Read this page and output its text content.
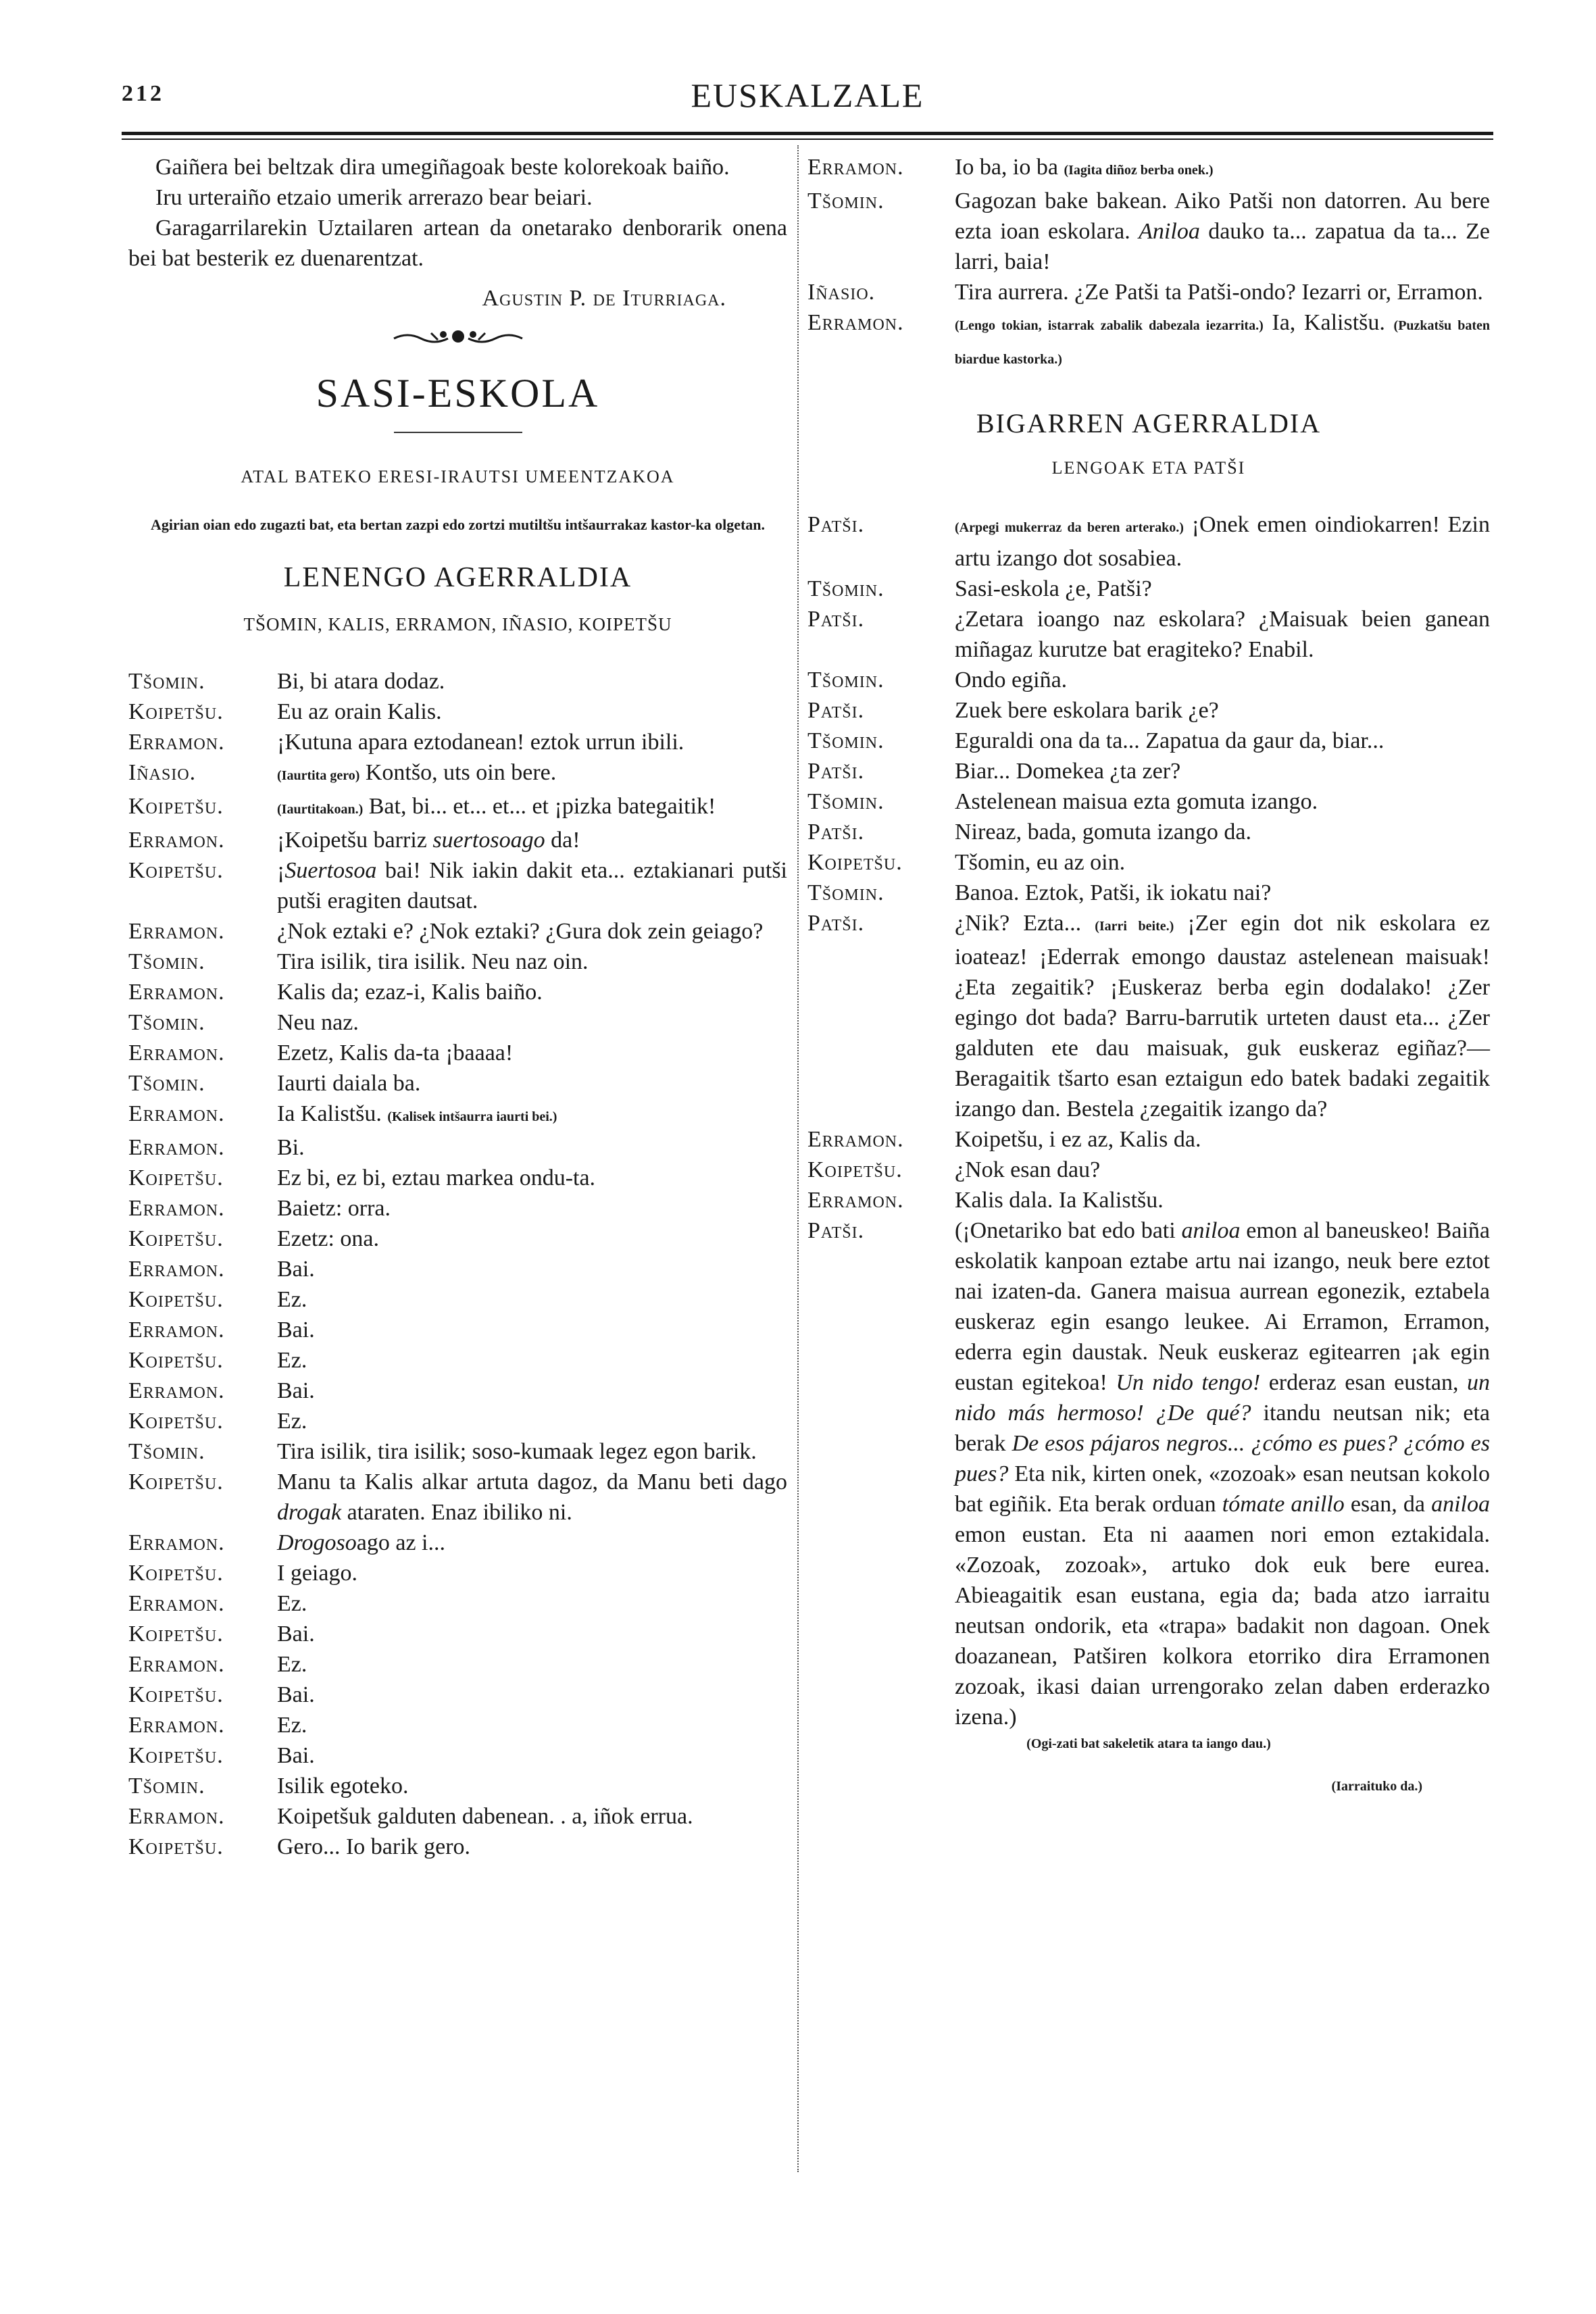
212	EUSKALZALE

Gaiñera bei beltzak dira umegiñagoak beste kolorekoak baiño.

Iru urteraiño etzaio umerik arrerazo bear beiari.

Garagarrilarekin Uztailaren artean da onetarako denborarik onena bei bat besterik ez duenarentzat.

Agustin P. de Iturriaga.
SASI-ESKOLA
ATAL BATEKO ERESI-IRAUTSI UMEENTZAKOA
Agirian oian edo zugazti bat, eta bertan zazpi edo zortzi mutiltšu intšaurrakaz kastor-ka olgetan.
LENENGO AGERRALDIA
TŠOMIN, KALIS, ERRAMON, IÑASIO, KOIPETŠU
Tšomin.	Bi, bi atara dodaz.
Koipetšu.	Eu az orain Kalis.
Erramon.	¡Kutuna apara eztodanean! eztok urrun ibili.
Iñasio.	(Iaurtita gero) Kontšo, uts oin bere.
Koipetšu.	(Iaurtitakoan.) Bat, bi... et... et... et ¡pizka bategaitik!
Erramon.	¡Koipetšu barriz suertosoago da!
Koipetšu.	¡Suertosoa bai! Nik iakin dakit eta... eztakianari putši putši eragiten dautsat.
Erramon.	¿Nok eztaki e? ¿Nok eztaki? ¿Gura dok zein geiago?
Tšomin.	Tira isilik, tira isilik. Neu naz oin.
Erramon.	Kalis da; ezaz-i, Kalis baiño.
Tšomin.	Neu naz.
Erramon.	Ezetz, Kalis da-ta ¡baaaa!
Tšomin.	Iaurti daiala ba.
Erramon.	Ia Kalistšu. (Kalisek intšaurra iaurti bei.)
Erramon.	Bi.
Koipetšu.	Ez bi, ez bi, eztau markea ondu-ta.
Erramon.	Baietz: orra.
Koipetšu.	Ezetz: ona.
Erramon.	Bai.
Koipetšu.	Ez.
Erramon.	Bai.
Koipetšu.	Ez.
Erramon.	Bai.
Koipetšu.	Ez.
Tšomin.	Tira isilik, tira isilik; soso-kumaak legez egon barik.
Koipetšu.	Manu ta Kalis alkar artuta dagoz, da Manu beti dago drogak ataraten. Enaz ibiliko ni.
Erramon.	Drogosoago az i...
Koipetšu.	I geiago.
Erramon.	Ez.
Koipetšu.	Bai.
Erramon.	Ez.
Koipetšu.	Bai.
Erramon.	Ez.
Koipetšu.	Bai.
Tšomin.	Isilik egoteko.
Erramon.	Koipetšuk galduten dabenean. . a, iñok errua.
Koipetšu.	Gero... Io barik gero.
Erramon.	Io ba, io ba (Iagita diñoz berba onek.)
Tšomin.	Gagozan bake bakean. Aiko Patši non datorren. Au bere ezta ioan eskolara. Aniloa dauko ta... zapatua da ta... Ze larri, baia!
Iñasio.	Tira aurrera. ¿Ze Patši ta Patši-ondo? Iezarri or, Erramon.
Erramon.	(Lengo tokian, istarrak zabalik dabezala iezarrita.) Ia, Kalistšu. (Puzkatšu baten biardue kastorka.)
BIGARREN AGERRALDIA
LENGOAK ETA PATŠI
Patši.	(Arpegi mukerraz da beren arterako.) ¡Onek emen oindiokarren! Ezin artu izango dot sosabiea.
Tšomin.	Sasi-eskola ¿e, Patši?
Patši.	¿Zetara ioango naz eskolara? ¿Maisuak beien ganean miñagaz kurutze bat eragiteko? Enabil.
Tšomin.	Ondo egiña.
Patši.	Zuek bere eskolara barik ¿e?
Tšomin.	Eguraldi ona da ta... Zapatua da gaur da, biar...
Patši.	Biar... Domekea ¿ta zer?
Tšomin.	Astelenean maisua ezta gomuta izango.
Patši.	Nireaz, bada, gomuta izango da.
Koipetšu.	Tšomin, eu az oin.
Tšomin.	Banoa. Eztok, Patši, ik iokatu nai?
Patši.	¿Nik? Ezta... (Iarri beite.) ¡Zer egin dot nik eskolara ez ioateaz! ¡Ederrak emongo daustaz astelenean maisuak! ¿Eta zegaitik? ¡Euskeraz berba egin dodalako! ¿Zer egingo dot bada? Barru-barrutik urteten daust eta... ¿Zer galduten ete dau maisuak, guk euskeraz egiñaz?—Beragaitik tšarto esan eztaigun edo batek badaki zegaitik izango dan. Bestela ¿zegaitik izango da?
Erramon.	Koipetšu, i ez az, Kalis da.
Koipetšu.	¿Nok esan dau?
Erramon.	Kalis dala. Ia Kalistšu.
Patši.	(¡Onetariko bat edo bati aniloa emon al baneuskeo! Baiña eskolatik kanpoan eztabe artu nai izango, neuk bere eztot nai izaten-da. Ganera maisua aurrean egonezik, eztabela euskeraz egin esango leukee. Ai Erramon, Erramon, ederra egin daustak. Neuk euskeraz egitearren ¡ak egin eustan egitekoa! Un nido tengo! erderaz esan eustan, un nido más hermoso! ¿De qué? itandu neutsan nik; eta berak De esos pájaros negros... ¿cómo es pues? ¿cómo es pues? Eta nik, kirten onek, «zozoak» esan neutsan kokolo bat egiñik. Eta berak orduan tómate anillo esan, da aniloa emon eustan. Eta ni aaamen nori emon eztakidala. «Zozoak, zozoak», artuko dok euk bere eurea. Abieagaitik esan eustana, egia da; bada atzo iarraitu neutsan ondorik, eta «trapa» badakit non dagoan. Onek doazanean, Patširen kolkora etorriko dira Erramonen zozoak, ikasi daian urrengorako zelan daben erderazko izena.)
(Ogi-zati bat sakeletik atara ta iango dau.)
(Iarraituko da.)
